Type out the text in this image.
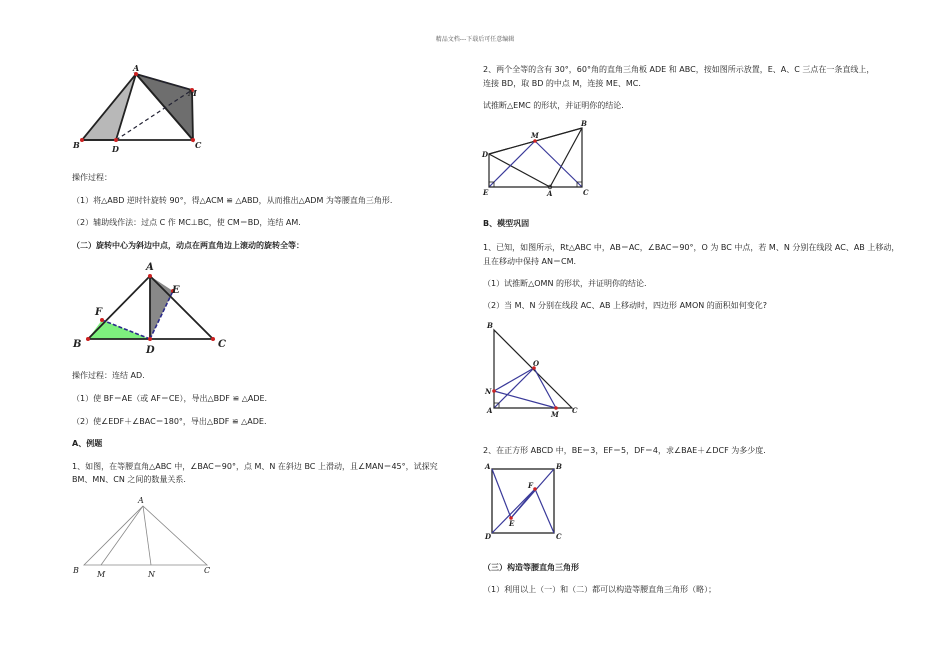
精品文档---下载后可任意编辑
A
M
B	D	C
操作过程：
（1）将△ABD 逆时针旋转 90°，得△ACM ≌ △ABD，从而推出△ADM 为等腰直角三角形.
（2）辅助线作法：过点 C 作 MC⊥BC，使 CM＝BD，连结 AM.
（二）旋转中心为斜边中点，动点在两直角边上滚动的旋转全等：
A
E
F
B
D
C
操作过程：连结 AD.
（1）使 BF＝AE（或 AF＝CE），导出△BDF ≌ △ADE.
（2）使∠EDF＋∠BAC＝180°，导出△BDF ≌ △ADE.
A、例题
1、如图，在等腰直角△ABC 中，∠BAC＝90°，点 M、N 在斜边 BC 上滑动，且∠MAN＝45°，试探究
BM、MN、CN 之间的数量关系.
A
B M	N	C
2、两个全等的含有 30°，60°角的直角三角板 ADE 和 ABC，按如图所示放置，E、A、C 三点在一条直线上，
连接 BD，取 BD 的中点 M，连接 ME、MC.
试推断△EMC 的形状，并证明你的结论.
B
M
D
E	A	C
B、模型巩固
1、已知，如图所示，Rt△ABC 中，AB＝AC，∠BAC＝90°，O 为 BC 中点，若 M、N 分别在线段 AC、AB 上移动，
且在移动中保持 AN＝CM.
（1）试推断△OMN 的形状，并证明你的结论.
（2）当 M、N 分别在线段 AC、AB 上移动时，四边形 AMON 的面积如何变化?
B
O
N
A	M C
2、在正方形 ABCD 中，BE＝3，EF＝5，DF＝4，求∠BAE＋∠DCF 为多少度.
A	B
F
E
D	C
（三）构造等腰直角三角形
（1）利用以上（一）和（二）都可以构造等腰直角三角形（略）；
